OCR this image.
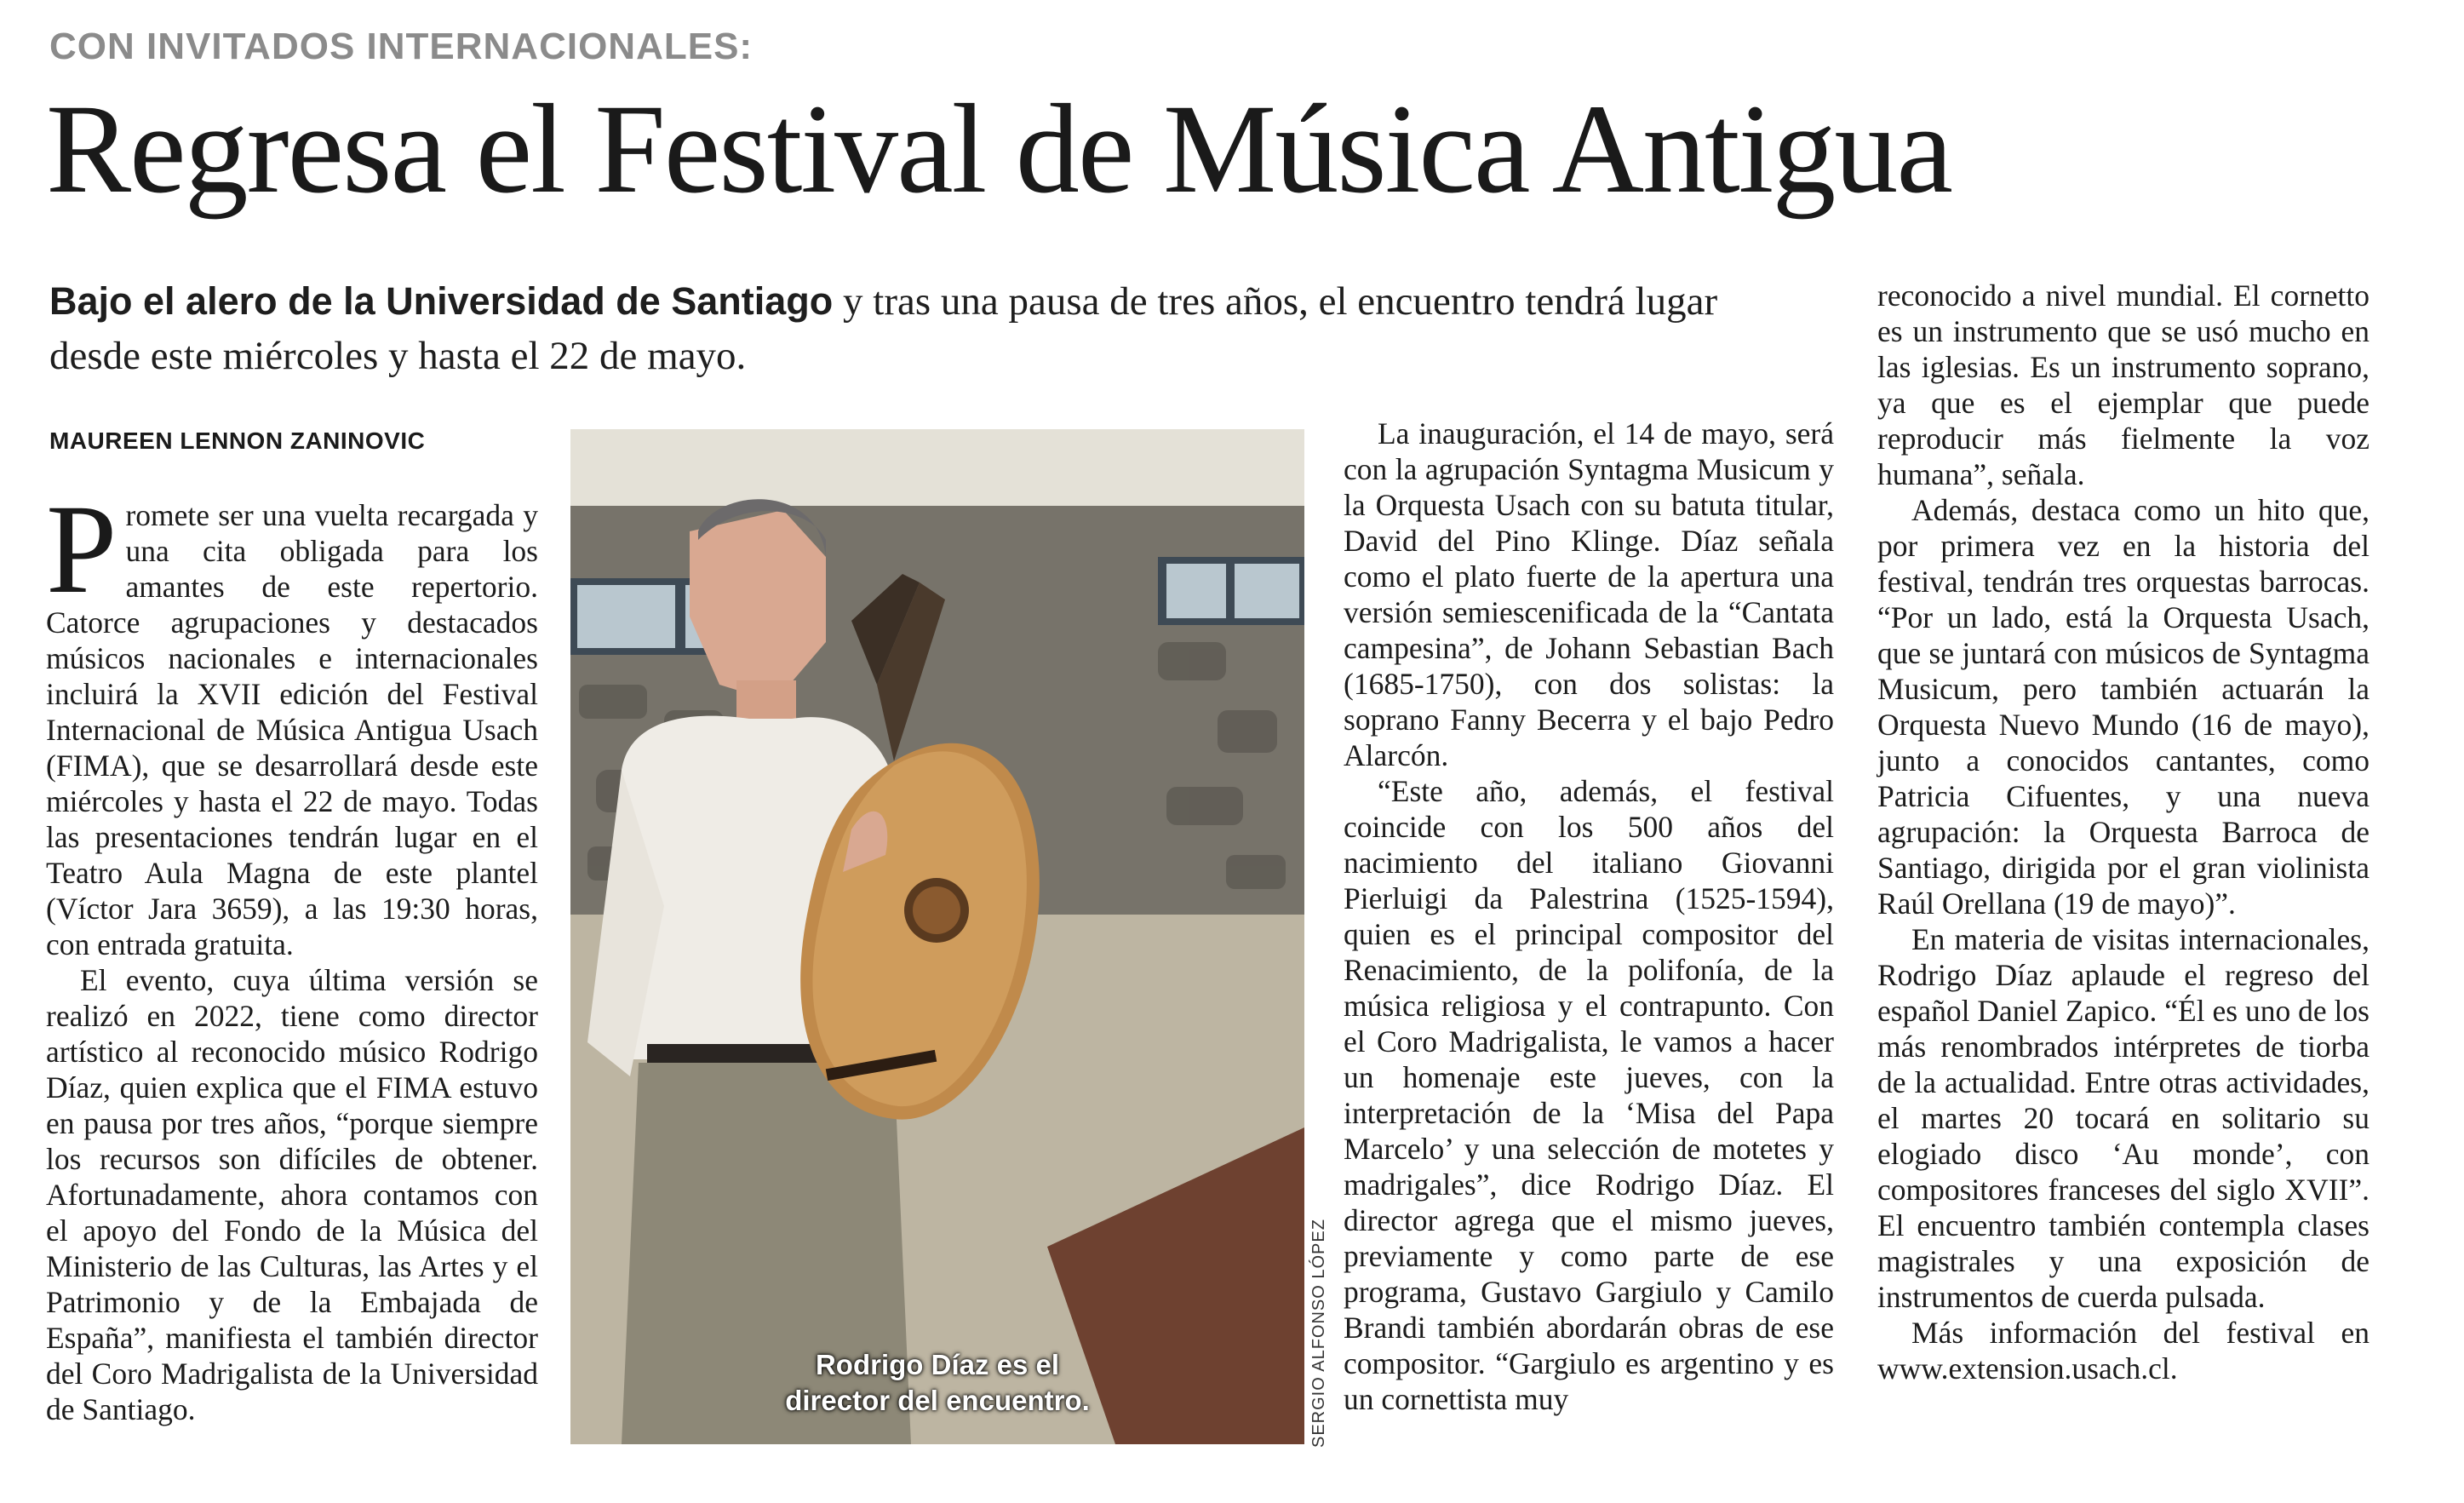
CON INVITADOS INTERNACIONALES:
Regresa el Festival de Música Antigua
Bajo el alero de la Universidad de Santiago y tras una pausa de tres años, el encuentro tendrá lugar desde este miércoles y hasta el 22 de mayo.
MAUREEN LENNON ZANINOVIC

Promete ser una vuelta recargada y una cita obligada para los amantes de este repertorio. Catorce agrupaciones y destacados músicos nacionales e internacionales incluirá la XVII edición del Festival Internacional de Música Antigua Usach (FIMA), que se desarrollará desde este miércoles y hasta el 22 de mayo. Todas las presentaciones tendrán lugar en el Teatro Aula Magna de este plantel (Víctor Jara 3659), a las 19:30 horas, con entrada gratuita.

El evento, cuya última versión se realizó en 2022, tiene como director artístico al reconocido músico Rodrigo Díaz, quien explica que el FIMA estuvo en pausa por tres años, “porque siempre los recursos son difíciles de obtener. Afortunadamente, ahora contamos con el apoyo del Fondo de la Música del Ministerio de las Culturas, las Artes y el Patrimonio y de la Embajada de España”, manifiesta el también director del Coro Madrigalista de la Universidad de Santiago.

Rodrigo Díaz es el
director del encuentro.	SERGIO ALFONSO LÓPEZ

La inauguración, el 14 de mayo, será con la agrupación Syntagma Musicum y la Orquesta Usach con su batuta titular, David del Pino Klinge. Díaz señala como el plato fuerte de la apertura una versión semiescenificada de la “Cantata campesina”, de Johann Sebastian Bach (1685-1750), con dos solistas: la soprano Fanny Becerra y el bajo Pedro Alarcón.

“Este año, además, el festival coincide con los 500 años del nacimiento del italiano Giovanni Pierluigi da Palestrina (1525-1594), quien es el principal compositor del Renacimiento, de la polifonía, de la música religiosa y el contrapunto. Con el Coro Madrigalista, le vamos a hacer un homenaje este jueves, con la interpretación de la ‘Misa del Papa Marcelo’ y una selección de motetes y madrigales”, dice Rodrigo Díaz. El director agrega que el mismo jueves, previamente y como parte de ese programa, Gustavo Gargiulo y Camilo Brandi también abordarán obras de ese compositor. “Gargiulo es argentino y es un cornettista muy

reconocido a nivel mundial. El cornetto es un instrumento que se usó mucho en las iglesias. Es un instrumento soprano, ya que es el ejemplar que puede reproducir más fielmente la voz humana”, señala.

Además, destaca como un hito que, por primera vez en la historia del festival, tendrán tres orquestas barrocas. “Por un lado, está la Orquesta Usach, que se juntará con músicos de Syntagma Musicum, pero también actuarán la Orquesta Nuevo Mundo (16 de mayo), junto a conocidos cantantes, como Patricia Cifuentes, y una nueva agrupación: la Orquesta Barroca de Santiago, dirigida por el gran violinista Raúl Orellana (19 de mayo)”.

En materia de visitas internacionales, Rodrigo Díaz aplaude el regreso del español Daniel Zapico. “Él es uno de los más renombrados intérpretes de tiorba de la actualidad. Entre otras actividades, el martes 20 tocará en solitario su elogiado disco ‘Au monde’, con compositores franceses del siglo XVII”. El encuentro también contempla clases magistrales y una exposición de instrumentos de cuerda pulsada.

Más información del festival en www.extension.usach.cl.
